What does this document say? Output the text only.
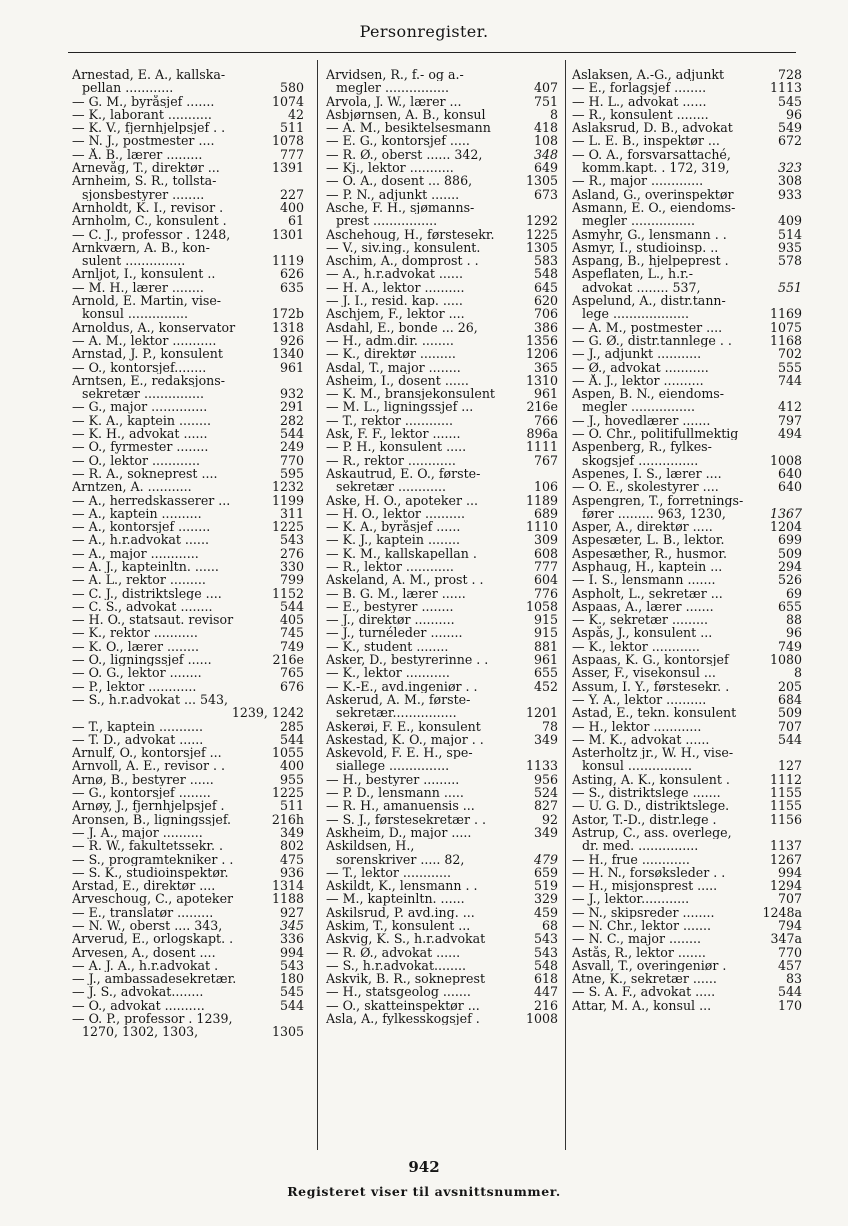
Personregister.
Arnestad, E. A., kallska-
pellan ............	580
— G. M., byråsjef .......	1074
— K., laborant ...........	42
— K. V., fjernhjelpsjef . .	511
— N. J., postmester ....	1078
— Å. B., lærer .........	777
Arnevåg, T., direktør ...	1391
Arnheim, S. R., tollsta-
sjonsbestyrer ........	227
Arnholdt, K. I., revisor .	400
Arnholm, C., konsulent .	61
— C. J., professor . 1248,	1301
Arnkværn, A. B., kon-
sulent ...............	1119
Arnljot, I., konsulent ..	626
— M. H., lærer ........	635
Arnold, E. Martin, vise-
konsul ...............	172b
Arnoldus, A., konservator	1318
— A. M., lektor ...........	926
Arnstad, J. P., konsulent	1340
— O., kontorsjef........	961
Arntsen, E., redaksjons-
sekretær ...............	932
— G., major ..............	291
— K. A., kaptein ........	282
— K. H., advokat ......	544
— O., fyrmester ........	249
— O., lektor ............	770
— R. A., sokneprest ....	595
Arntzen, A. ...........	1232
— A., herredskasserer ...	1199
— A., kaptein ..........	311
— A., kontorsjef ........	1225
— A., h.r.advokat ......	543
— A., major ............	276
— A. J., kapteinltn. ......	330
— A. L., rektor .........	799
— C. J., distriktslege ....	1152
— C. S., advokat ........	544
— H. O., statsaut. revisor	405
— K., rektor ...........	745
— K. O., lærer ........	749
— O., ligningssjef ......	216e
— O. G., lektor ........	765
— P., lektor ............	676
— S., h.r.advokat ... 543,
1239, 1242
— T., kaptein ...........	285
— T. D., advokat ......	544
Arnulf, O., kontorsjef ...	1055
Arnvoll, A. E., revisor . .	400
Arnø, B., bestyrer ......	955
— G., kontorsjef ........	1225
Arnøy, J., fjernhjelpsjef .	511
Aronsen, B., ligningssjef.	216h
— J. A., major ..........	349
— R. W., fakultetssekr. .	802
— S., programtekniker . .	475
— S. K., studioinspektør.	936
Arstad, E., direktør ....	1314
Arveschoug, C., apoteker	1188
— E., translatør .........	927
— N. W., oberst .... 343,	345
Arverud, E., orlogskapt. .	336
Arvesen, A., dosent ....	994
— A. J. A., h.r.advokat .	543
— J., ambassadesekretær.	180
— J. S., advokat........	545
— O., advokat ..........	544
— O. P., professor . 1239,
1270, 1302, 1303,	1305
Arvidsen, R., f.- og a.-
megler ................	407
Arvola, J. W., lærer ...	751
Asbjørnsen, A. B., konsul	8
— A. M., besiktelsesmann	418
— E. G., kontorsjef .....	108
— R. Ø., oberst ...... 342,	348
— Kj., lektor ...........	649
— O. A., dosent ... 886,	1305
— P. N., adjunkt .......	673
Asche, F. H., sjømanns-
prest ................	1292
Aschehoug, H., førstesekr.	1225
— V., siv.ing., konsulent.	1305
Aschim, A., domprost . .	583
— A., h.r.advokat ......	548
— H. A., lektor ..........	645
— J. I., resid. kap. .....	620
Aschjem, F., lektor ....	706
Asdahl, E., bonde ... 26,	386
— H., adm.dir. ........	1356
— K., direktør .........	1206
Asdal, T., major ........	365
Asheim, I., dosent ......	1310
— K. M., bransjekonsulent	961
— M. L., ligningssjef ...	216e
— T., rektor ............	766
Ask, F. F., lektor .......	896a
— P. H., konsulent .....	1111
— R., rektor ............	767
Askautrud, E. O., første-
sekretær ............	106
Aske, H. O., apoteker ...	1189
— H. O., lektor ..........	689
— K. A., byråsjef ......	1110
— K. J., kaptein ........	309
— K. M., kallskapellan .	608
— R., lektor ............	777
Askeland, A. M., prost . .	604
— B. G. M., lærer ......	776
— E., bestyrer ........	1058
— J., direktør ..........	915
— J., turnéleder ........	915
— K., student ........	881
Asker, D., bestyrerinne . .	961
— K., lektor ...........	655
— K.-E., avd.ingeniør . .	452
Askerud, A. M., første-
sekretær................	1201
Askerøi, F. E., konsulent	78
Askestad, K. O., major . .	349
Askevold, F. E. H., spe-
siallege ...............	1133
— H., bestyrer .........	956
— P. D., lensmann .....	524
— R. H., amanuensis ...	827
— S. J., førstesekretær . .	92
Askheim, D., major .....	349
Askildsen, H.,
sorenskriver ..... 82,	479
— T., lektor ............	659
Askildt, K., lensmann . .	519
— M., kapteinltn. ......	329
Askilsrud, P. avd.ing. ...	459
Askim, T., konsulent ...	68
Askvig, K. S., h.r.advokat	543
— R. Ø., advokat ......	543
— S., h.r.advokat........	548
Askvik, B. R., sokneprest	618
— H., statsgeolog .......	447
— O., skatteinspektør ...	216
Asla, A., fylkesskogsjef .	1008
Aslaksen, A.-G., adjunkt	728
— E., forlagsjef ........	1113
— H. L., advokat ......	545
— R., konsulent ........	96
Aslaksrud, D. B., advokat	549
— L. E. B., inspektør ...	672
— O. A., forsvarsattaché,
komm.kapt. . 172, 319,	323
— R., major .............	308
Asland, G., overinspektør	933
Asmann, E. O., eiendoms-
megler ................	409
Asmyhr, G., lensmann . .	514
Asmyr, I., studioinsp. ..	935
Aspang, B., hjelpeprest .	578
Aspeflaten, L., h.r.-
advokat ........ 537,	551
Aspelund, A., distr.tann-
lege ...................	1169
— A. M., postmester ....	1075
— G. Ø., distr.tannlege . .	1168
— J., adjunkt ...........	702
— Ø., advokat ...........	555
— Å. J., lektor ..........	744
Aspen, B. N., eiendoms-
megler ................	412
— J., hovedlærer .......	797
— O. Chr., politifullmektig	494
Aspenberg, R., fylkes-
skogsjef ...............	1008
Aspenes, I. S., lærer ....	640
— O. E., skolestyrer ....	640
Aspengren, T., forretnings-
fører ......... 963, 1230,	1367
Asper, A., direktør .....	1204
Aspesæter, L. B., lektor.	699
Aspesæther, R., husmor.	509
Asphaug, H., kaptein ...	294
— I. S., lensmann .......	526
Aspholt, L., sekretær ...	69
Aspaas, A., lærer .......	655
— K., sekretær .........	88
Aspås, J., konsulent ...	96
— K., lektor ............	749
Aspaas, K. G., kontorsjef	1080
Asser, F., visekonsul ...	8
Assum, I. Y., førstesekr. .	205
— Y. A., lektor ..........	684
Astad, E., tekn. konsulent	509
— H., lektor ............	707
— M. K., advokat ......	544
Asterholtz jr., W. H., vise-
konsul ................	127
Asting, A. K., konsulent .	1112
— S., distriktslege .......	1155
— U. G. D., distriktslege.	1155
Astor, T.-D., distr.lege .	1156
Astrup, C., ass. overlege,
dr. med. ...............	1137
— H., frue ............	1267
— H. N., forsøksleder . .	994
— H., misjonsprest .....	1294
— J., lektor............	707
— N., skipsreder ........	1248a
— N. Chr., lektor .......	794
— N. C., major ........	347a
Astås, R., lektor .......	770
Asvall, T., overingeniør .	457
Atne, K., sekretær ......	83
— S. A. F., advokat .....	544
Attar, M. A., konsul ...	170
942
Registeret viser til avsnittsnummer.
